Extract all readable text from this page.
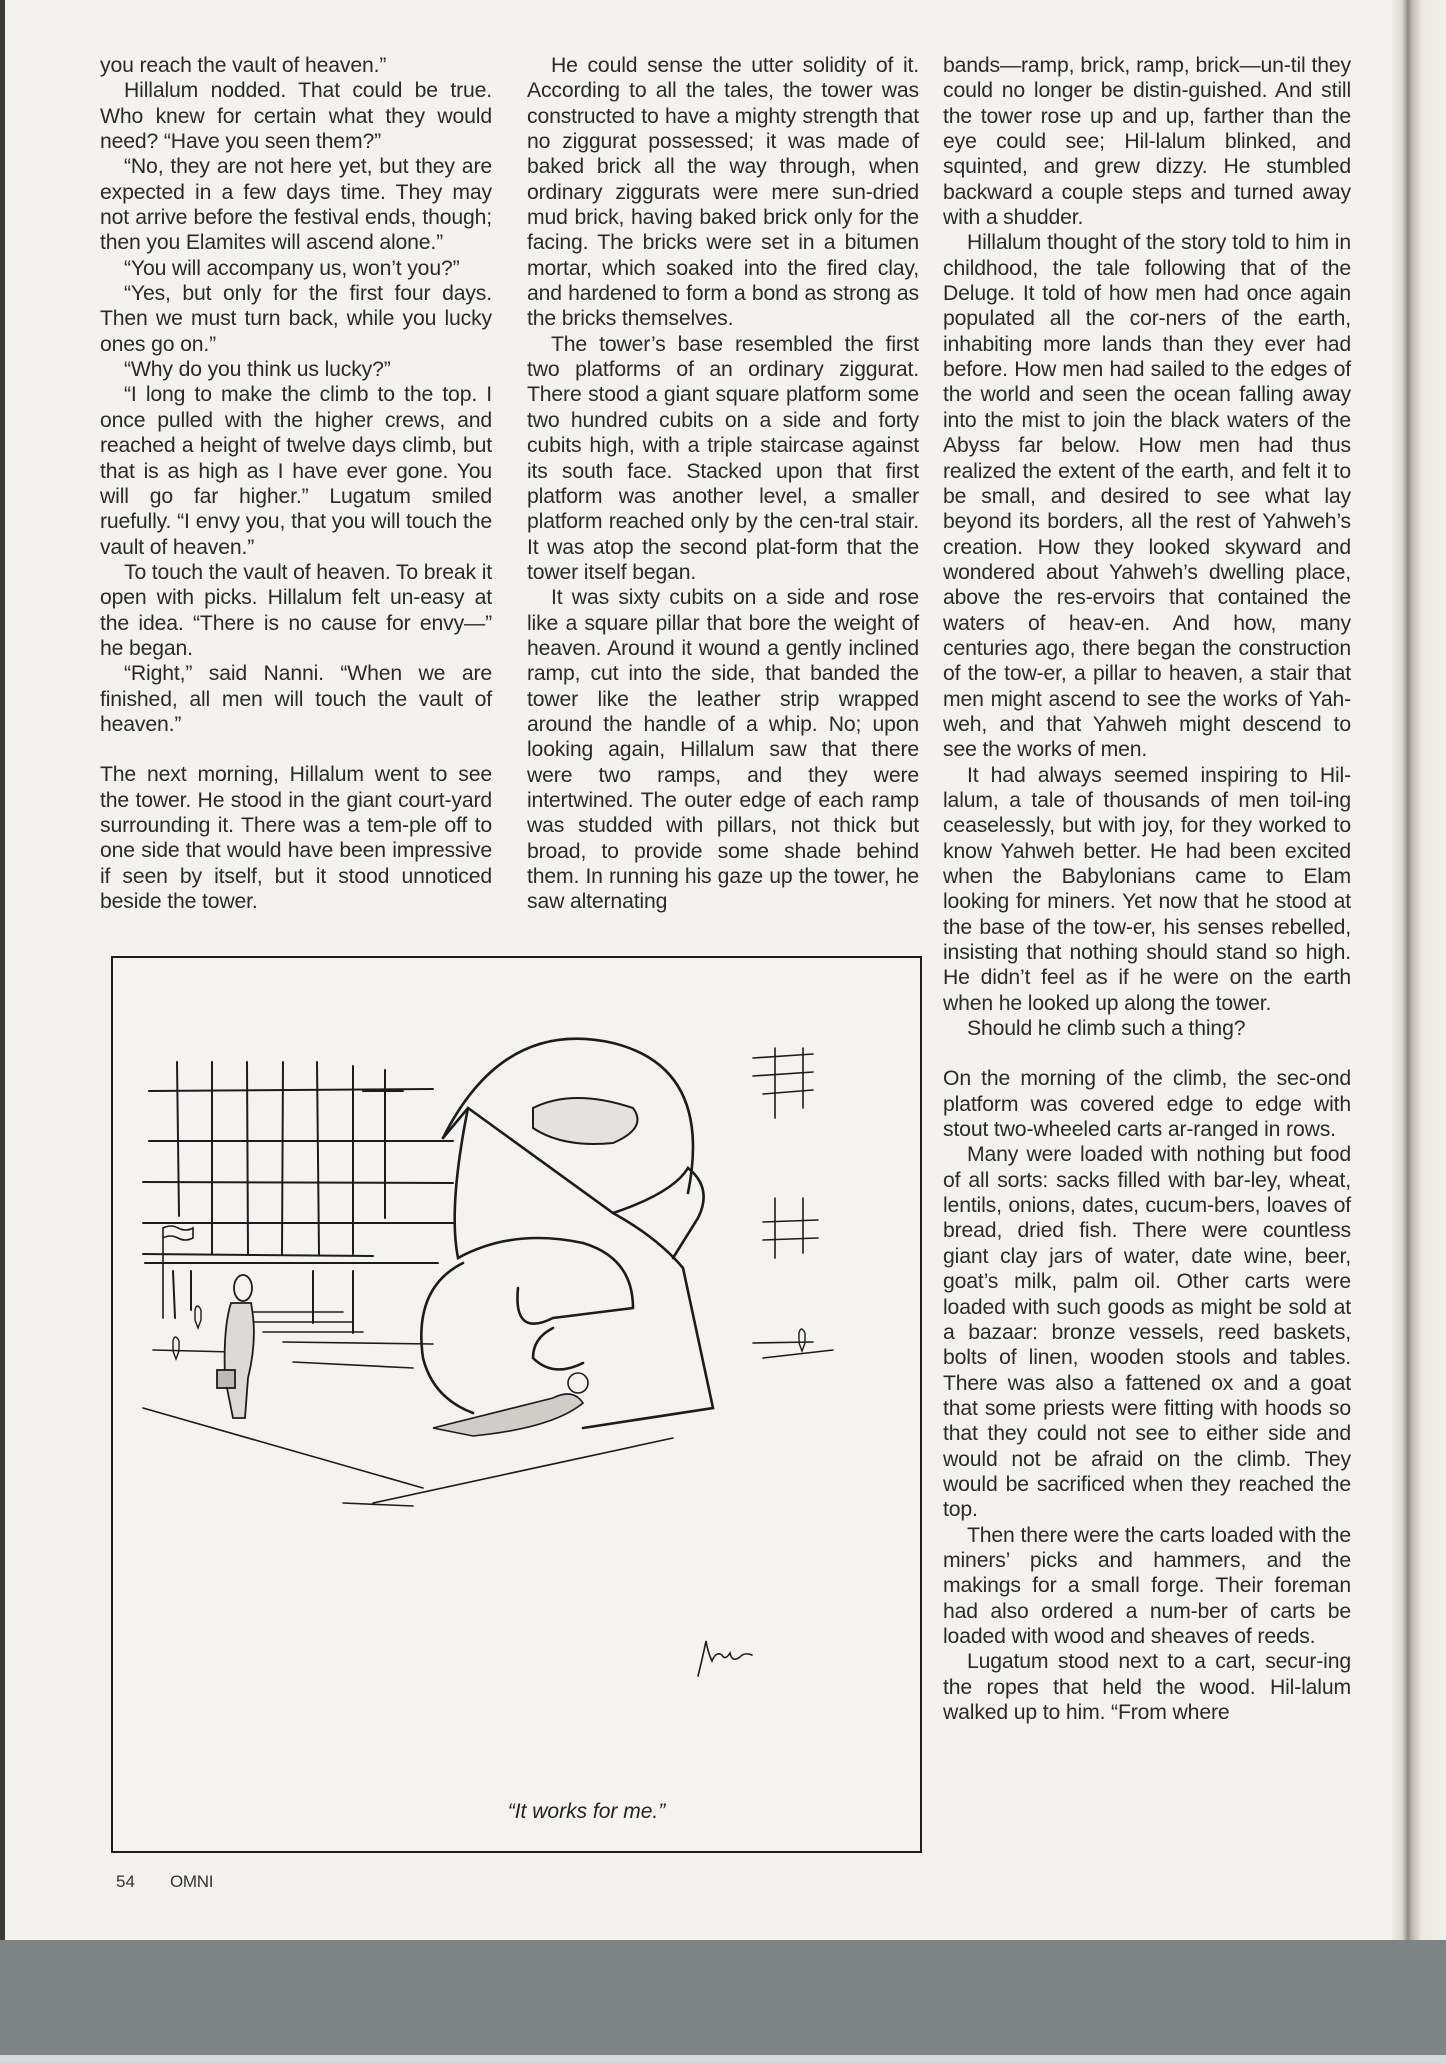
you reach the vault of heaven.”

Hillalum nodded. That could be true. Who knew for certain what they would need? “Have you seen them?”

“No, they are not here yet, but they are expected in a few days time. They may not arrive before the festival ends, though; then you Elamites will ascend alone.”

“You will accompany us, won’t you?”

“Yes, but only for the first four days. Then we must turn back, while you lucky ones go on.”

“Why do you think us lucky?”

“I long to make the climb to the top. I once pulled with the higher crews, and reached a height of twelve days climb, but that is as high as I have ever gone. You will go far higher.” Lugatum smiled ruefully. “I envy you, that you will touch the vault of heaven.”

To touch the vault of heaven. To break it open with picks. Hillalum felt un-easy at the idea. “There is no cause for envy—” he began.

“Right,” said Nanni. “When we are finished, all men will touch the vault of heaven.”

The next morning, Hillalum went to see the tower. He stood in the giant court-yard surrounding it. There was a tem-ple off to one side that would have been impressive if seen by itself, but it stood unnoticed beside the tower.

He could sense the utter solidity of it. According to all the tales, the tower was constructed to have a mighty strength that no ziggurat possessed; it was made of baked brick all the way through, when ordinary ziggurats were mere sun-dried mud brick, having baked brick only for the facing. The bricks were set in a bitumen mortar, which soaked into the fired clay, and hardened to form a bond as strong as the bricks themselves.

The tower’s base resembled the first two platforms of an ordinary ziggurat. There stood a giant square platform some two hundred cubits on a side and forty cubits high, with a triple staircase against its south face. Stacked upon that first platform was another level, a smaller platform reached only by the cen-tral stair. It was atop the second plat-form that the tower itself began.

It was sixty cubits on a side and rose like a square pillar that bore the weight of heaven. Around it wound a gently inclined ramp, cut into the side, that banded the tower like the leather strip wrapped around the handle of a whip. No; upon looking again, Hillalum saw that there were two ramps, and they were intertwined. The outer edge of each ramp was studded with pillars, not thick but broad, to provide some shade behind them. In running his gaze up the tower, he saw alternating

bands—ramp, brick, ramp, brick—un-til they could no longer be distin-guished. And still the tower rose up and up, farther than the eye could see; Hil-lalum blinked, and squinted, and grew dizzy. He stumbled backward a couple steps and turned away with a shudder.

Hillalum thought of the story told to him in childhood, the tale following that of the Deluge. It told of how men had once again populated all the cor-ners of the earth, inhabiting more lands than they ever had before. How men had sailed to the edges of the world and seen the ocean falling away into the mist to join the black waters of the Abyss far below. How men had thus realized the extent of the earth, and felt it to be small, and desired to see what lay beyond its borders, all the rest of Yahweh’s creation. How they looked skyward and wondered about Yahweh’s dwelling place, above the res-ervoirs that contained the waters of heav-en. And how, many centuries ago, there began the construction of the tow-er, a pillar to heaven, a stair that men might ascend to see the works of Yah-weh, and that Yahweh might descend to see the works of men.

It had always seemed inspiring to Hil-lalum, a tale of thousands of men toil-ing ceaselessly, but with joy, for they worked to know Yahweh better. He had been excited when the Babylonians came to Elam looking for miners. Yet now that he stood at the base of the tow-er, his senses rebelled, insisting that nothing should stand so high. He didn’t feel as if he were on the earth when he looked up along the tower.

Should he climb such a thing?

On the morning of the climb, the sec-ond platform was covered edge to edge with stout two-wheeled carts ar-ranged in rows.

Many were loaded with nothing but food of all sorts: sacks filled with bar-ley, wheat, lentils, onions, dates, cucum-bers, loaves of bread, dried fish. There were countless giant clay jars of water, date wine, beer, goat’s milk, palm oil. Other carts were loaded with such goods as might be sold at a bazaar: bronze vessels, reed baskets, bolts of linen, wooden stools and tables. There was also a fattened ox and a goat that some priests were fitting with hoods so that they could not see to either side and would not be afraid on the climb. They would be sacrificed when they reached the top.

Then there were the carts loaded with the miners’ picks and hammers, and the makings for a small forge. Their foreman had also ordered a num-ber of carts be loaded with wood and sheaves of reeds.

Lugatum stood next to a cart, secur-ing the ropes that held the wood. Hil-lalum walked up to him. “From where

“It works for me.”
54 OMNI
